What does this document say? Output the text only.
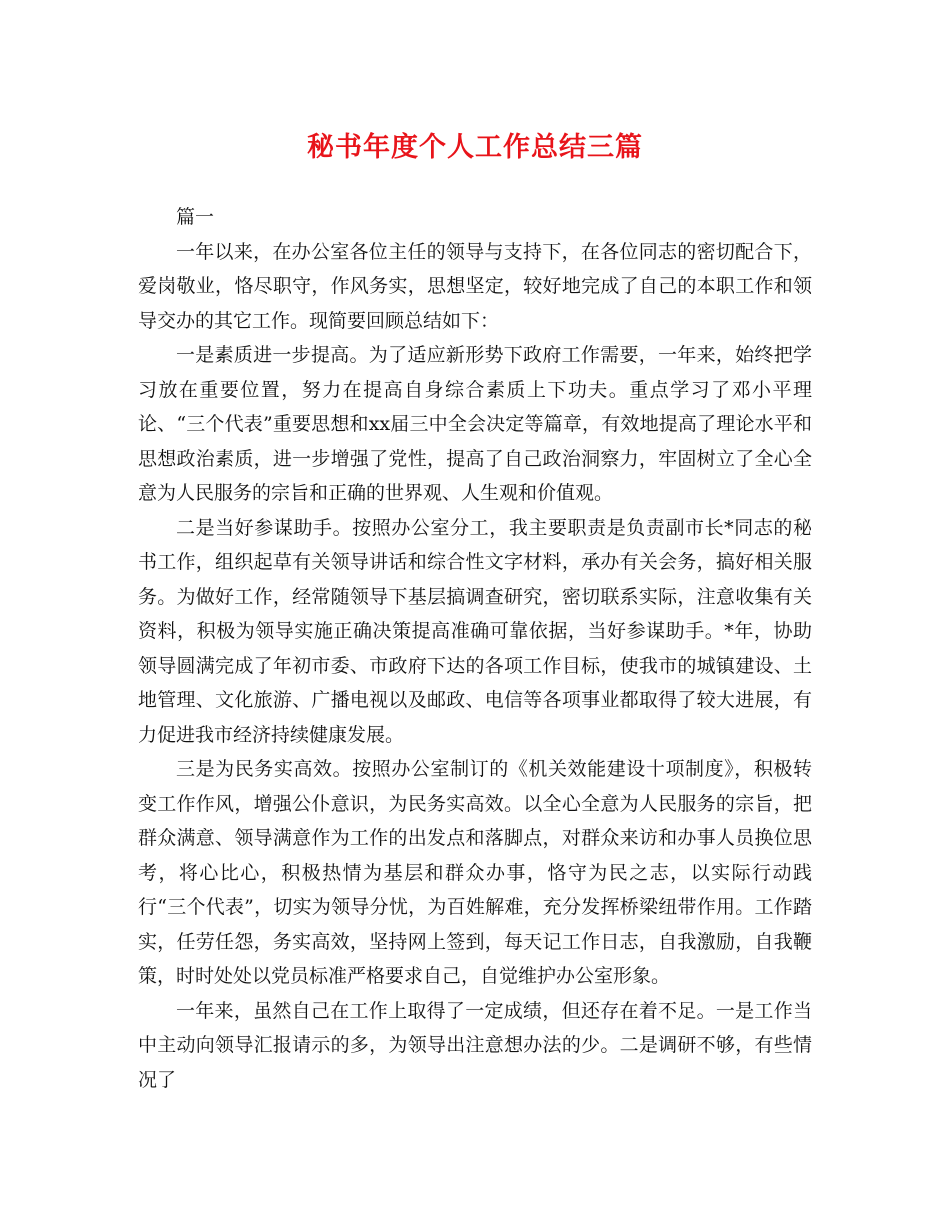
秘书年度个人工作总结三篇

篇一

一年以来，在办公室各位主任的领导与支持下，在各位同志的密切配合下，爱岗敬业，恪尽职守，作风务实，思想坚定，较好地完成了自己的本职工作和领导交办的其它工作。现简要回顾总结如下：

一是素质进一步提高。为了适应新形势下政府工作需要，一年来，始终把学习放在重要位置，努力在提高自身综合素质上下功夫。重点学习了邓小平理论、“三个代表”重要思想和xx届三中全会决定等篇章，有效地提高了理论水平和思想政治素质，进一步增强了党性，提高了自己政治洞察力，牢固树立了全心全意为人民服务的宗旨和正确的世界观、人生观和价值观。

二是当好参谋助手。按照办公室分工，我主要职责是负责副市长*同志的秘书工作，组织起草有关领导讲话和综合性文字材料，承办有关会务，搞好相关服务。为做好工作，经常随领导下基层搞调查研究，密切联系实际，注意收集有关资料，积极为领导实施正确决策提高准确可靠依据，当好参谋助手。*年，协助领导圆满完成了年初市委、市政府下达的各项工作目标，使我市的城镇建设、土地管理、文化旅游、广播电视以及邮政、电信等各项事业都取得了较大进展，有力促进我市经济持续健康发展。

三是为民务实高效。按照办公室制订的《机关效能建设十项制度》，积极转变工作作风，增强公仆意识，为民务实高效。以全心全意为人民服务的宗旨，把群众满意、领导满意作为工作的出发点和落脚点，对群众来访和办事人员换位思考，将心比心，积极热情为基层和群众办事，恪守为民之志，以实际行动践行“三个代表”，切实为领导分忧，为百姓解难，充分发挥桥梁纽带作用。工作踏实，任劳任怨，务实高效，坚持网上签到，每天记工作日志，自我激励，自我鞭策，时时处处以党员标准严格要求自己，自觉维护办公室形象。

一年来，虽然自己在工作上取得了一定成绩，但还存在着不足。一是工作当中主动向领导汇报请示的多，为领导出注意想办法的少。二是调研不够，有些情况了
